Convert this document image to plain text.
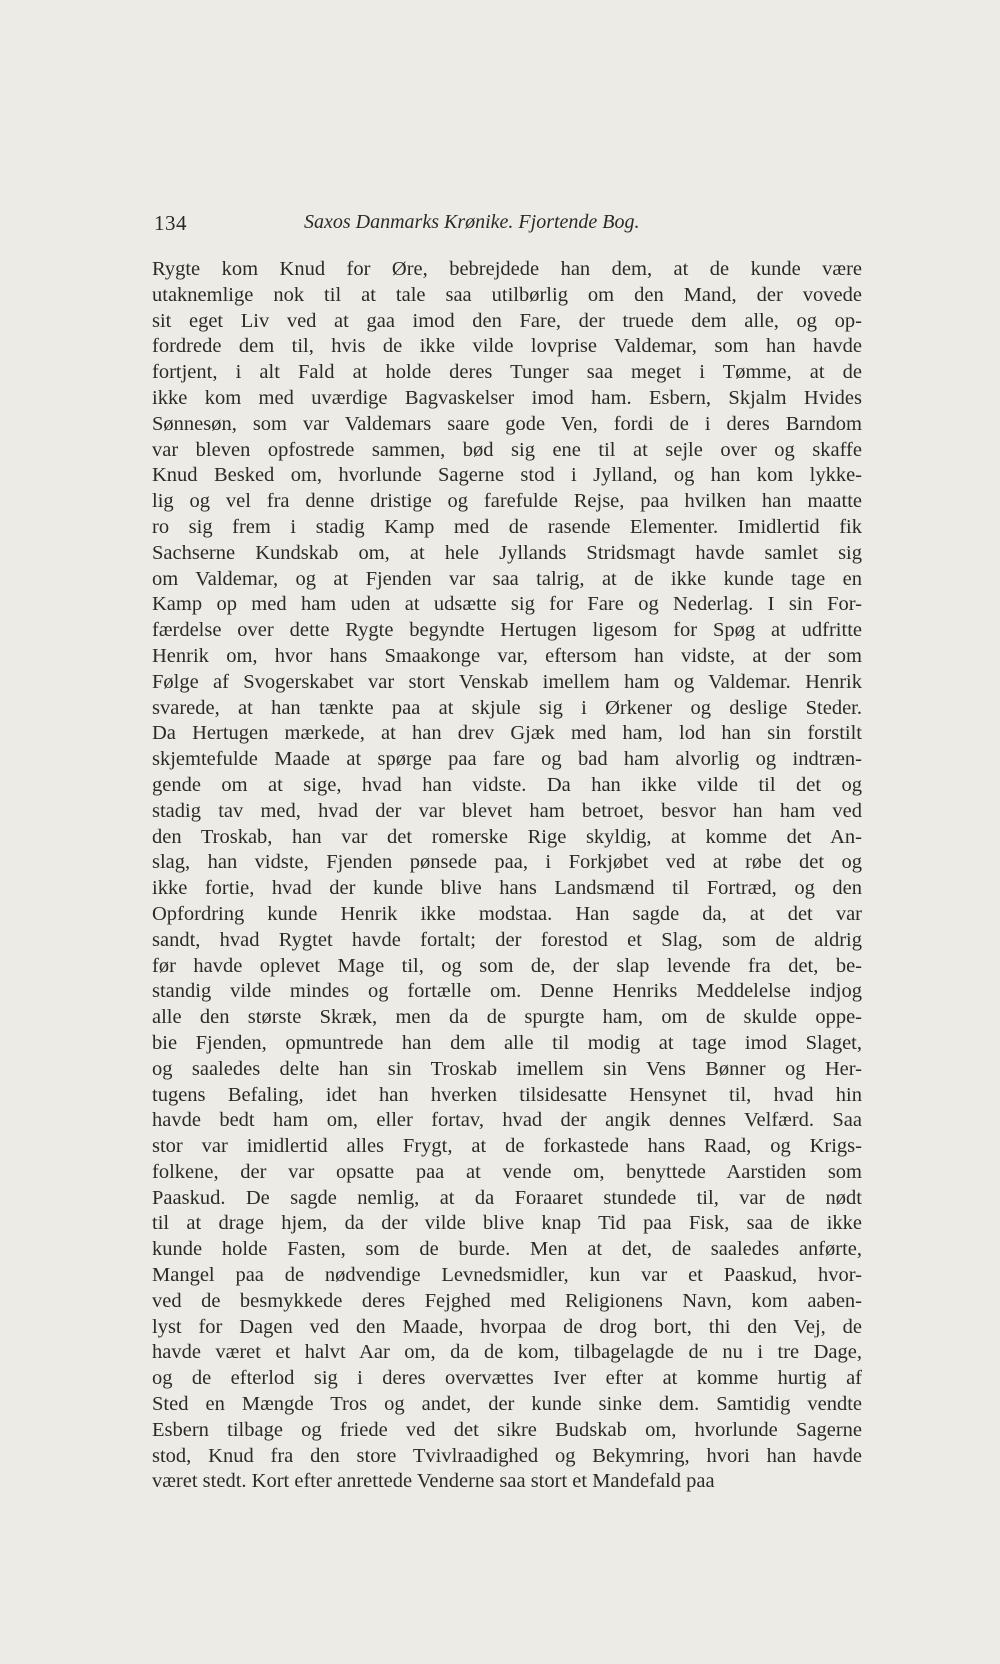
134	Saxos Danmarks Krønike. Fjortende Bog.
Rygte kom Knud for Øre, bebrejdede han dem, at de kunde være
utaknemlige nok til at tale saa utilbørlig om den Mand, der vovede
sit eget Liv ved at gaa imod den Fare, der truede dem alle, og op-
fordrede dem til, hvis de ikke vilde lovprise Valdemar, som han havde
fortjent, i alt Fald at holde deres Tunger saa meget i Tømme, at de
ikke kom med uværdige Bagvaskelser imod ham. Esbern, Skjalm Hvides
Sønnesøn, som var Valdemars saare gode Ven, fordi de i deres Barndom
var bleven opfostrede sammen, bød sig ene til at sejle over og skaffe
Knud Besked om, hvorlunde Sagerne stod i Jylland, og han kom lykke-
lig og vel fra denne dristige og farefulde Rejse, paa hvilken han maatte
ro sig frem i stadig Kamp med de rasende Elementer. Imidlertid fik
Sachserne Kundskab om, at hele Jyllands Stridsmagt havde samlet sig
om Valdemar, og at Fjenden var saa talrig, at de ikke kunde tage en
Kamp op med ham uden at udsætte sig for Fare og Nederlag. I sin For-
færdelse over dette Rygte begyndte Hertugen ligesom for Spøg at udfritte
Henrik om, hvor hans Smaakonge var, eftersom han vidste, at der som
Følge af Svogerskabet var stort Venskab imellem ham og Valdemar. Henrik
svarede, at han tænkte paa at skjule sig i Ørkener og deslige Steder.
Da Hertugen mærkede, at han drev Gjæk med ham, lod han sin forstilt
skjemtefulde Maade at spørge paa fare og bad ham alvorlig og indtræn-
gende om at sige, hvad han vidste. Da han ikke vilde til det og
stadig tav med, hvad der var blevet ham betroet, besvor han ham ved
den Troskab, han var det romerske Rige skyldig, at komme det An-
slag, han vidste, Fjenden pønsede paa, i Forkjøbet ved at røbe det og
ikke fortie, hvad der kunde blive hans Landsmænd til Fortræd, og den
Opfordring kunde Henrik ikke modstaa. Han sagde da, at det var
sandt, hvad Rygtet havde fortalt; der forestod et Slag, som de aldrig
før havde oplevet Mage til, og som de, der slap levende fra det, be-
standig vilde mindes og fortælle om. Denne Henriks Meddelelse indjog
alle den største Skræk, men da de spurgte ham, om de skulde oppe-
bie Fjenden, opmuntrede han dem alle til modig at tage imod Slaget,
og saaledes delte han sin Troskab imellem sin Vens Bønner og Her-
tugens Befaling, idet han hverken tilsidesatte Hensynet til, hvad hin
havde bedt ham om, eller fortav, hvad der angik dennes Velfærd. Saa
stor var imidlertid alles Frygt, at de forkastede hans Raad, og Krigs-
folkene, der var opsatte paa at vende om, benyttede Aarstiden som
Paaskud. De sagde nemlig, at da Foraaret stundede til, var de nødt
til at drage hjem, da der vilde blive knap Tid paa Fisk, saa de ikke
kunde holde Fasten, som de burde. Men at det, de saaledes anførte,
Mangel paa de nødvendige Levnedsmidler, kun var et Paaskud, hvor-
ved de besmykkede deres Fejghed med Religionens Navn, kom aaben-
lyst for Dagen ved den Maade, hvorpaa de drog bort, thi den Vej, de
havde været et halvt Aar om, da de kom, tilbagelagde de nu i tre Dage,
og de efterlod sig i deres overvættes Iver efter at komme hurtig af
Sted en Mængde Tros og andet, der kunde sinke dem. Samtidig vendte
Esbern tilbage og friede ved det sikre Budskab om, hvorlunde Sagerne
stod, Knud fra den store Tvivlraadighed og Bekymring, hvori han havde
været stedt. Kort efter anrettede Venderne saa stort et Mandefald paa
